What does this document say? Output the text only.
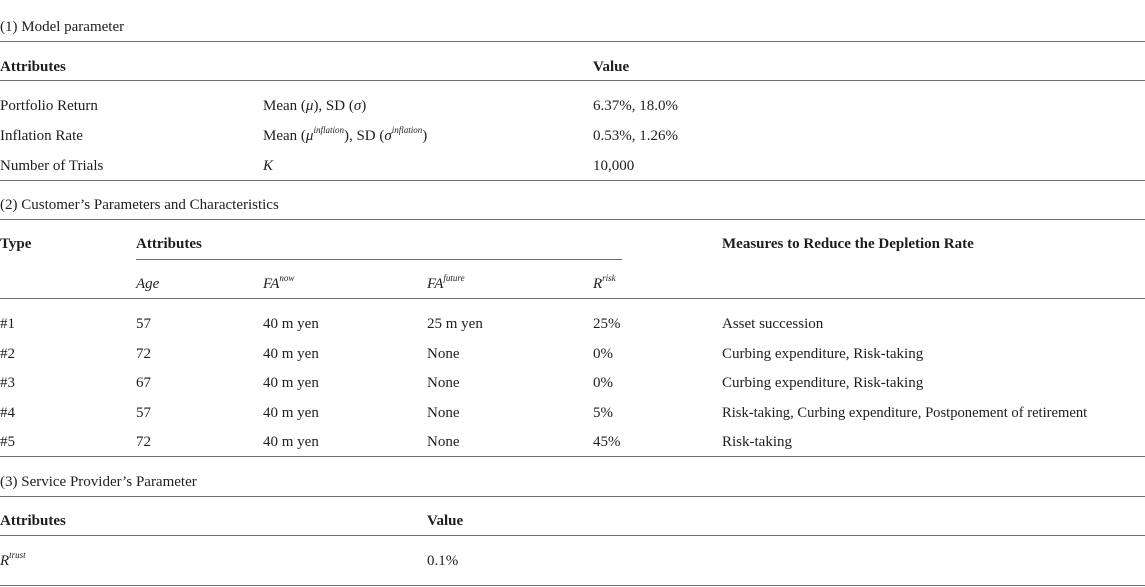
(1) Model parameter
Attributes	Value
Portfolio Return	Mean (μ), SD (σ)	6.37%, 18.0%
Inflation Rate	Mean $(\mu^{inflation})$, SD $(\sigma^{inflation})$	0.53%, 1.26%
Number of Trials	K	10,000
(2) Customer’s Parameters and Characteristics
Type	Attributes	Measures to Reduce the Depletion Rate
Age	$FA^{now}$	$FA^{future}$	$R^{risk}$
#1	57	40 m yen	25 m yen	25%	Asset succession
#2	72	40 m yen	None	0%	Curbing expenditure, Risk-taking
#3	67	40 m yen	None	0%	Curbing expenditure, Risk-taking
#4	57	40 m yen	None	5%	Risk-taking, Curbing expenditure, Postponement of retirement
#5	72	40 m yen	None	45%	Risk-taking
(3) Service Provider’s Parameter
Attributes	Value
$R^{trust}$	0.1%
